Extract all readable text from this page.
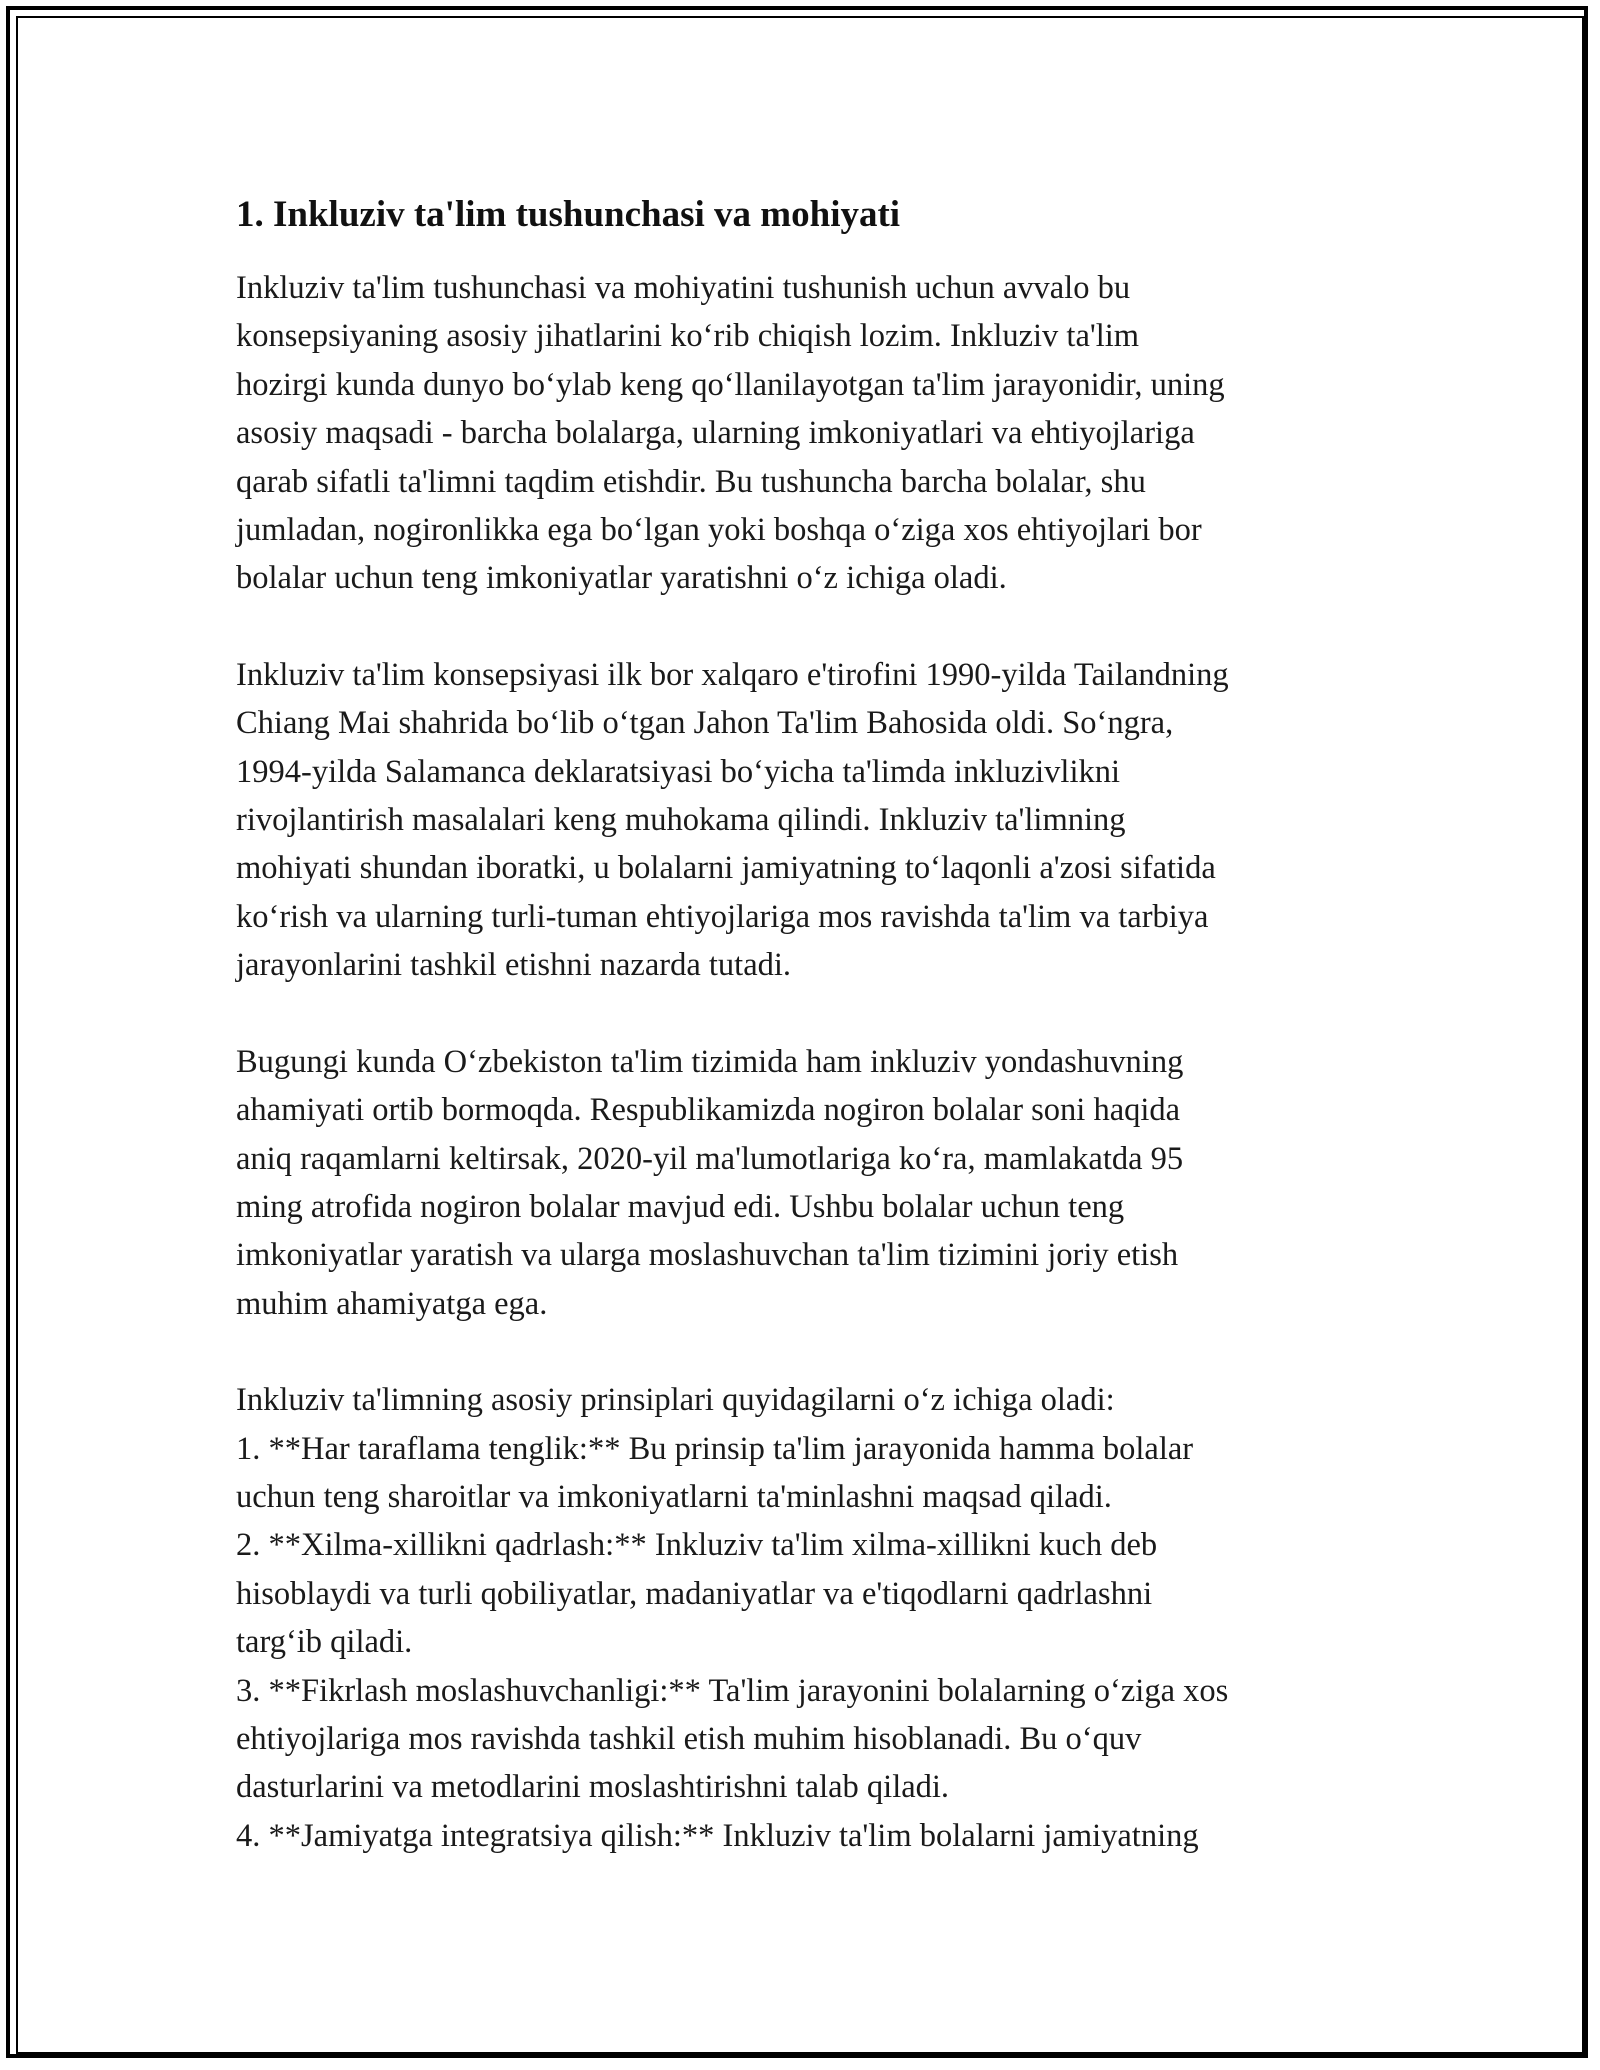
1. Inkluziv ta'lim tushunchasi va mohiyati

Inkluziv ta'lim tushunchasi va mohiyatini tushunish uchun avvalo bu
konsepsiyaning asosiy jihatlarini ko‘rib chiqish lozim. Inkluziv ta'lim
hozirgi kunda dunyo bo‘ylab keng qo‘llanilayotgan ta'lim jarayonidir, uning
asosiy maqsadi - barcha bolalarga, ularning imkoniyatlari va ehtiyojlariga
qarab sifatli ta'limni taqdim etishdir. Bu tushuncha barcha bolalar, shu
jumladan, nogironlikka ega bo‘lgan yoki boshqa o‘ziga xos ehtiyojlari bor
bolalar uchun teng imkoniyatlar yaratishni o‘z ichiga oladi.

Inkluziv ta'lim konsepsiyasi ilk bor xalqaro e'tirofini 1990-yilda Tailandning
Chiang Mai shahrida bo‘lib o‘tgan Jahon Ta'lim Bahosida oldi. So‘ngra,
1994-yilda Salamanca deklaratsiyasi bo‘yicha ta'limda inkluzivlikni
rivojlantirish masalalari keng muhokama qilindi. Inkluziv ta'limning
mohiyati shundan iboratki, u bolalarni jamiyatning to‘laqonli a'zosi sifatida
ko‘rish va ularning turli-tuman ehtiyojlariga mos ravishda ta'lim va tarbiya
jarayonlarini tashkil etishni nazarda tutadi.

Bugungi kunda O‘zbekiston ta'lim tizimida ham inkluziv yondashuvning
ahamiyati ortib bormoqda. Respublikamizda nogiron bolalar soni haqida
aniq raqamlarni keltirsak, 2020-yil ma'lumotlariga ko‘ra, mamlakatda 95
ming atrofida nogiron bolalar mavjud edi. Ushbu bolalar uchun teng
imkoniyatlar yaratish va ularga moslashuvchan ta'lim tizimini joriy etish
muhim ahamiyatga ega.

Inkluziv ta'limning asosiy prinsiplari quyidagilarni o‘z ichiga oladi:

1. **Har taraflama tenglik:** Bu prinsip ta'lim jarayonida hamma bolalar
uchun teng sharoitlar va imkoniyatlarni ta'minlashni maqsad qiladi.

2. **Xilma-xillikni qadrlash:** Inkluziv ta'lim xilma-xillikni kuch deb
hisoblaydi va turli qobiliyatlar, madaniyatlar va e'tiqodlarni qadrlashni
targ‘ib qiladi.

3. **Fikrlash moslashuvchanligi:** Ta'lim jarayonini bolalarning o‘ziga xos
ehtiyojlariga mos ravishda tashkil etish muhim hisoblanadi. Bu o‘quv
dasturlarini va metodlarini moslashtirishni talab qiladi.

4. **Jamiyatga integratsiya qilish:** Inkluziv ta'lim bolalarni jamiyatning
